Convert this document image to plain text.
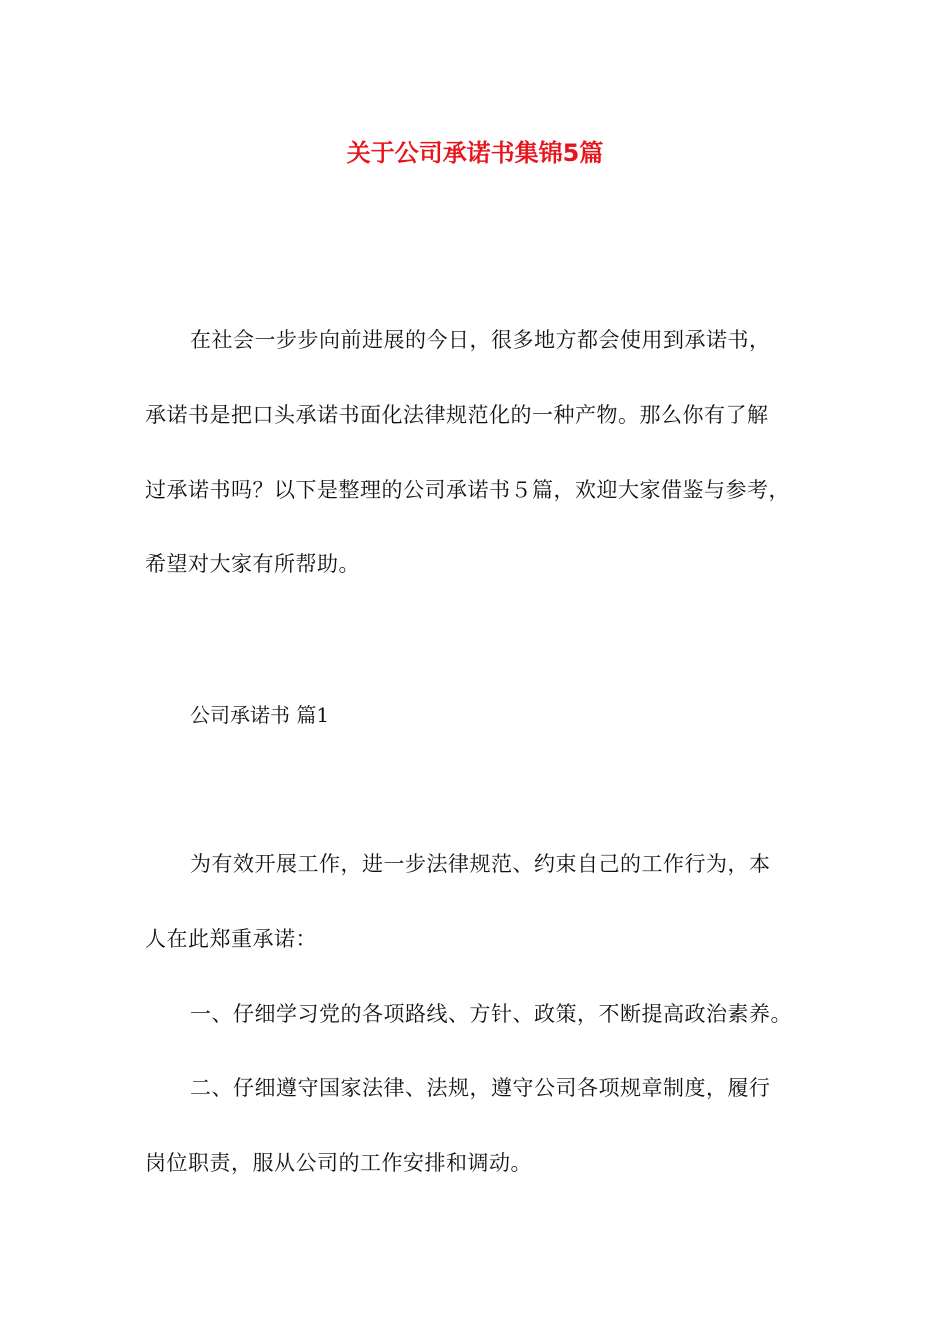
关于公司承诺书集锦5篇

在社会一步步向前进展的今日，很多地方都会使用到承诺书，

承诺书是把口头承诺书面化法律规范化的一种产物。那么你有了解

过承诺书吗？以下是整理的公司承诺书５篇，欢迎大家借鉴与参考，

希望对大家有所帮助。

公司承诺书 篇1

为有效开展工作，进一步法律规范、约束自己的工作行为，本

人在此郑重承诺：

一、仔细学习党的各项路线、方针、政策，不断提高政治素养。

二、仔细遵守国家法律、法规，遵守公司各项规章制度，履行

岗位职责，服从公司的工作安排和调动。
